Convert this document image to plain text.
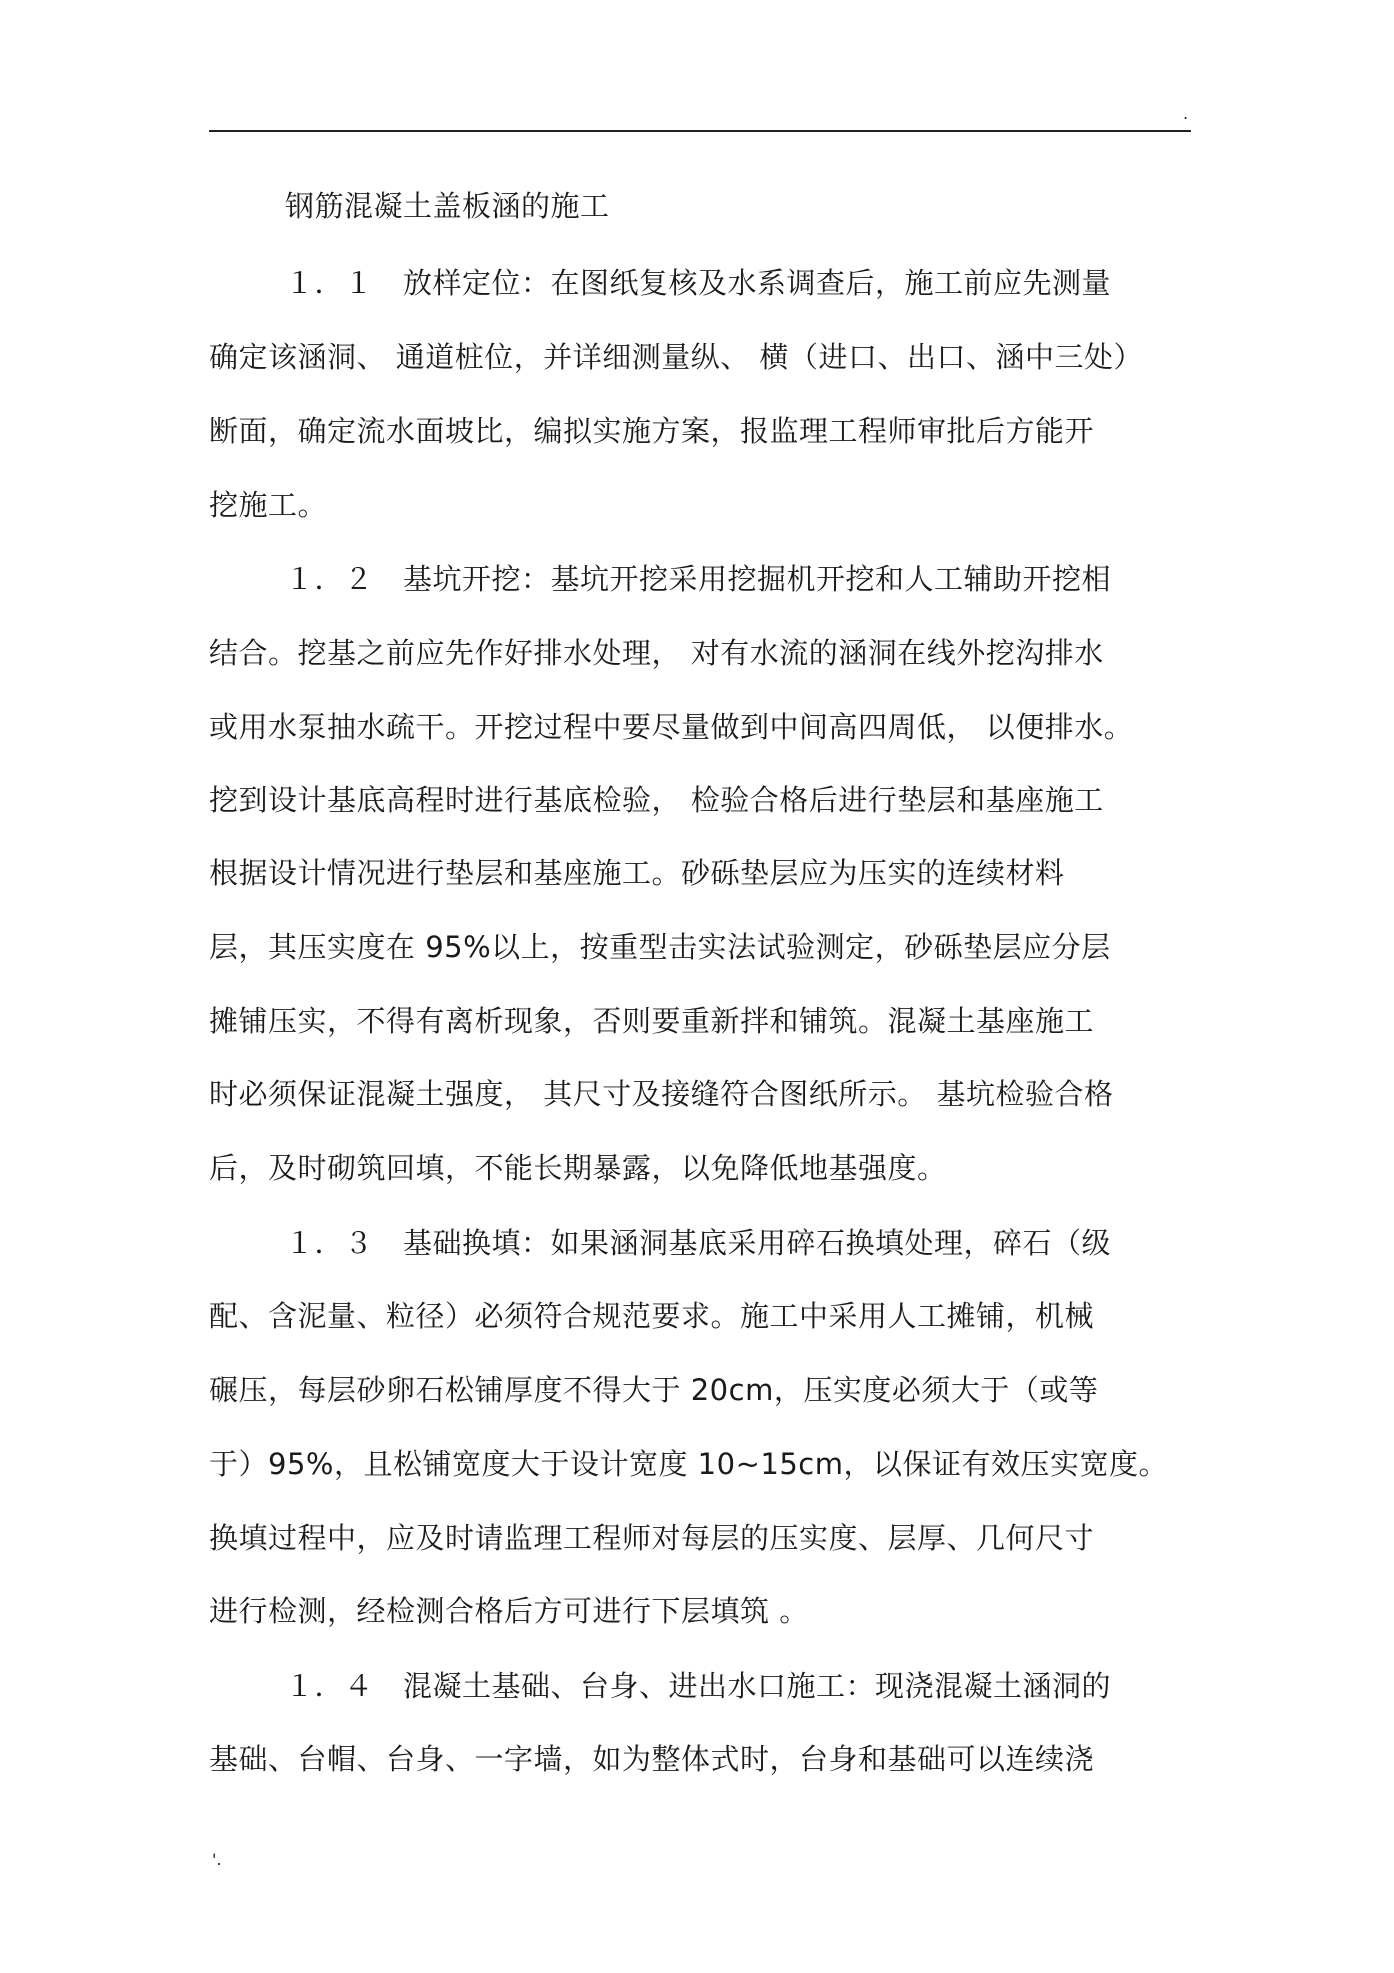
.
钢筋混凝土盖板涵的施工
１．１　放样定位：在图纸复核及水系调查后，施工前应先测量
确定该涵洞、 通道桩位，并详细测量纵、 横（进口、出口、涵中三处）
断面，确定流水面坡比，编拟实施方案，报监理工程师审批后方能开
挖施工。
１．２　基坑开挖：基坑开挖采用挖掘机开挖和人工辅助开挖相
结合。挖基之前应先作好排水处理， 对有水流的涵洞在线外挖沟排水
或用水泵抽水疏干。开挖过程中要尽量做到中间高四周低， 以便排水。
挖到设计基底高程时进行基底检验， 检验合格后进行垫层和基座施工
根据设计情况进行垫层和基座施工。砂砾垫层应为压实的连续材料
层，其压实度在 95%以上，按重型击实法试验测定，砂砾垫层应分层
摊铺压实，不得有离析现象，否则要重新拌和铺筑。混凝土基座施工
时必须保证混凝土强度， 其尺寸及接缝符合图纸所示。 基坑检验合格
后，及时砌筑回填，不能长期暴露，以免降低地基强度。
１．３　基础换填：如果涵洞基底采用碎石换填处理，碎石（级
配、含泥量、粒径）必须符合规范要求。施工中采用人工摊铺，机械
碾压，每层砂卵石松铺厚度不得大于 20cm，压实度必须大于（或等
于）95%，且松铺宽度大于设计宽度 10~15cm，以保证有效压实宽度。
换填过程中，应及时请监理工程师对每层的压实度、层厚、几何尺寸
进行检测，经检测合格后方可进行下层填筑 。
１．４　混凝土基础、台身、进出水口施工：现浇混凝土涵洞的
基础、台帽、台身、一字墙，如为整体式时，台身和基础可以连续浇
'.
